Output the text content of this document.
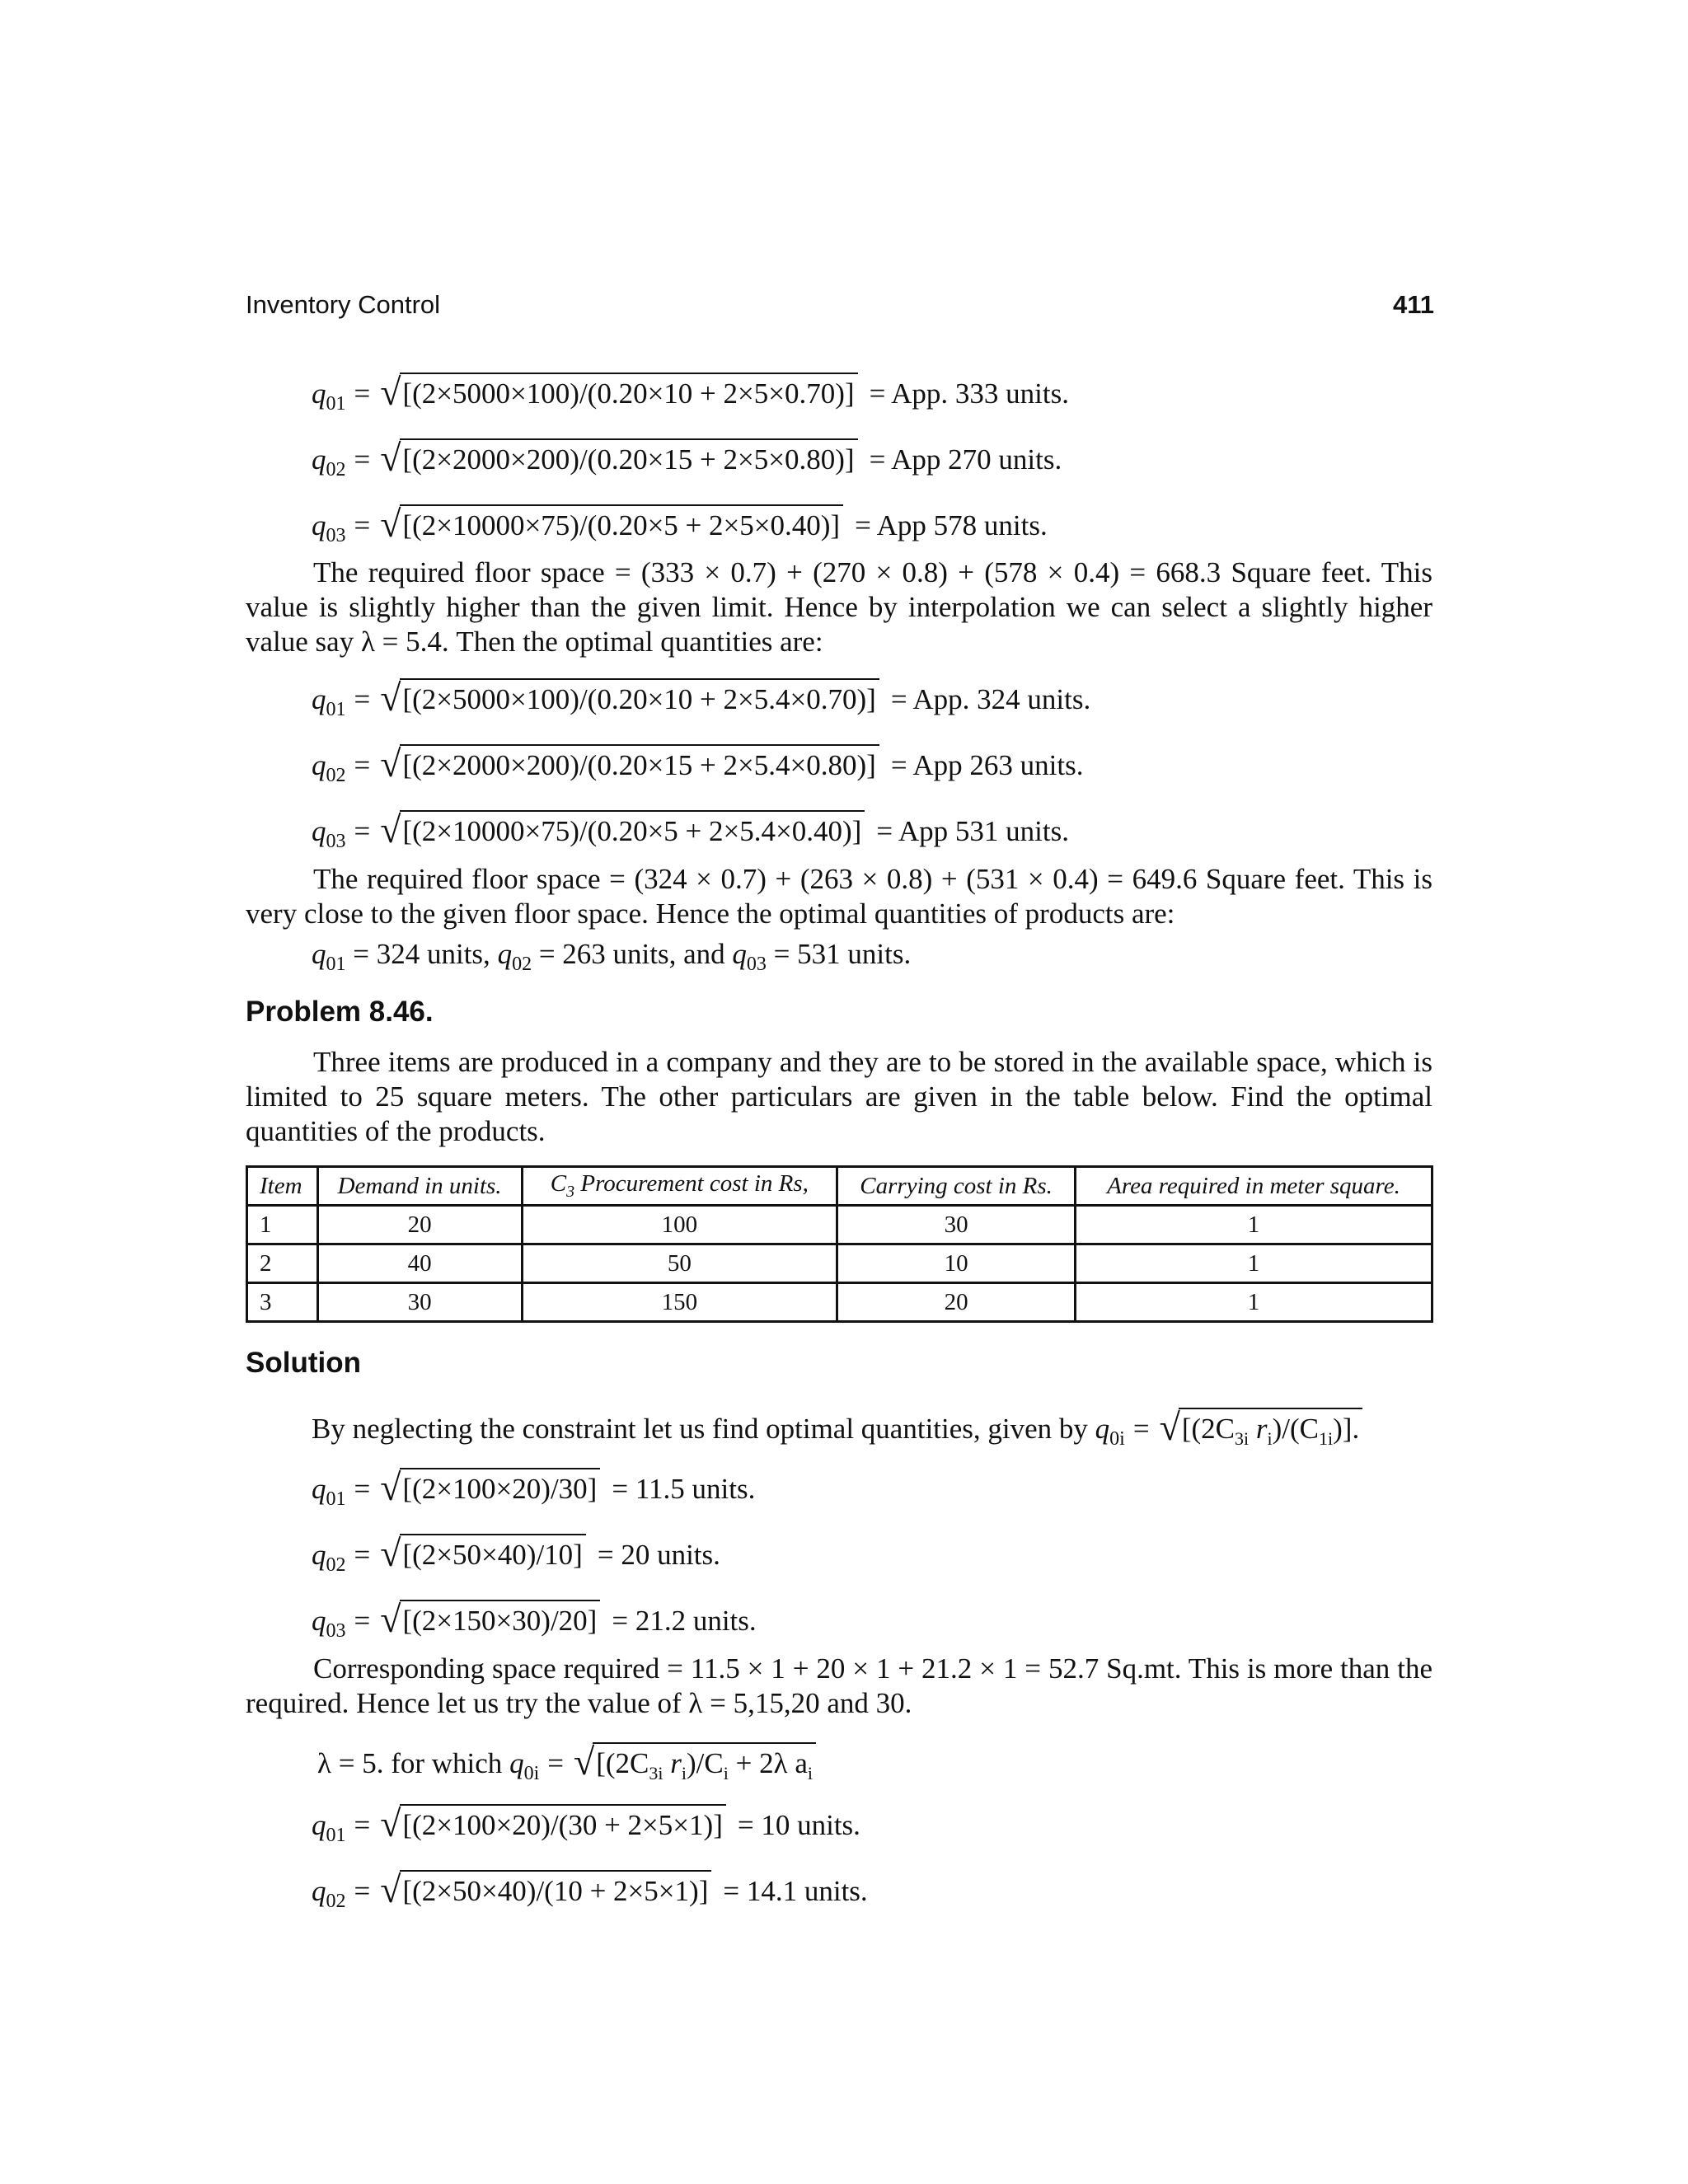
Inventory Control	411
$q_{01}$ = √ [(2×5000×100)/(0.20×10 + 2×5×0.70)] = App. 333 units.
$q_{02}$ = √ [(2×2000×200)/(0.20×15 + 2×5×0.80)] = App 270 units.
$q_{03}$ = √ [(2×10000×75)/(0.20×5 + 2×5×0.40)] = App 578 units.
The required floor space = (333 × 0.7) + (270 × 0.8) + (578 × 0.4) = 668.3 Square feet. This value is slightly higher than the given limit. Hence by interpolation we can select a slightly higher value say λ = 5.4. Then the optimal quantities are:
$q_{01}$ = √ [(2×5000×100)/(0.20×10 + 2×5.4×0.70)] = App. 324 units.
$q_{02}$ = √ [(2×2000×200)/(0.20×15 + 2×5.4×0.80)] = App 263 units.
$q_{03}$ = √ [(2×10000×75)/(0.20×5 + 2×5.4×0.40)] = App 531 units.
The required floor space = (324 × 0.7) + (263 × 0.8) + (531 × 0.4) = 649.6 Square feet. This is very close to the given floor space. Hence the optimal quantities of products are:
$q_{01} = 324$ units, $q_{02} = 263$ units, and $q_{03} = 531$ units.
Problem 8.46.
Three items are produced in a company and they are to be stored in the available space, which is limited to 25 square meters. The other particulars are given in the table below. Find the optimal quantities of the products.
Item	Demand in units.	$C_3$ Procurement cost in Rs,	Carrying cost in Rs.	Area required in meter square.
1	20	100	30	1
2	40	50	10	1
3	30	150	20	1
Solution
By neglecting the constraint let us find optimal quantities, given by $q_{0i}$ = √ [($2C_{3i}$ $r_i)/(C_{1i})$].
$q_{01}$ = √ [(2×100×20)/30] = 11.5 units.
$q_{02}$ = √ [(2×50×40)/10] = 20 units.
$q_{03}$ = √ [(2×150×30)/20] = 21.2 units.
Corresponding space required = 11.5 × 1 + 20 × 1 + 21.2 × 1 = 52.7 Sq.mt. This is more than the required. Hence let us try the value of λ = 5,15,20 and 30.
λ = 5. for which $q_{0i}$ = √ [($2C_{3i}$ $r_i)/C_i + 2\lambda$ $a_i$
$q_{01}$ = √ [(2×100×20)/(30 + 2×5×1)] = 10 units.
$q_{02}$ = √ [(2×50×40)/(10 + 2×5×1)] = 14.1 units.
